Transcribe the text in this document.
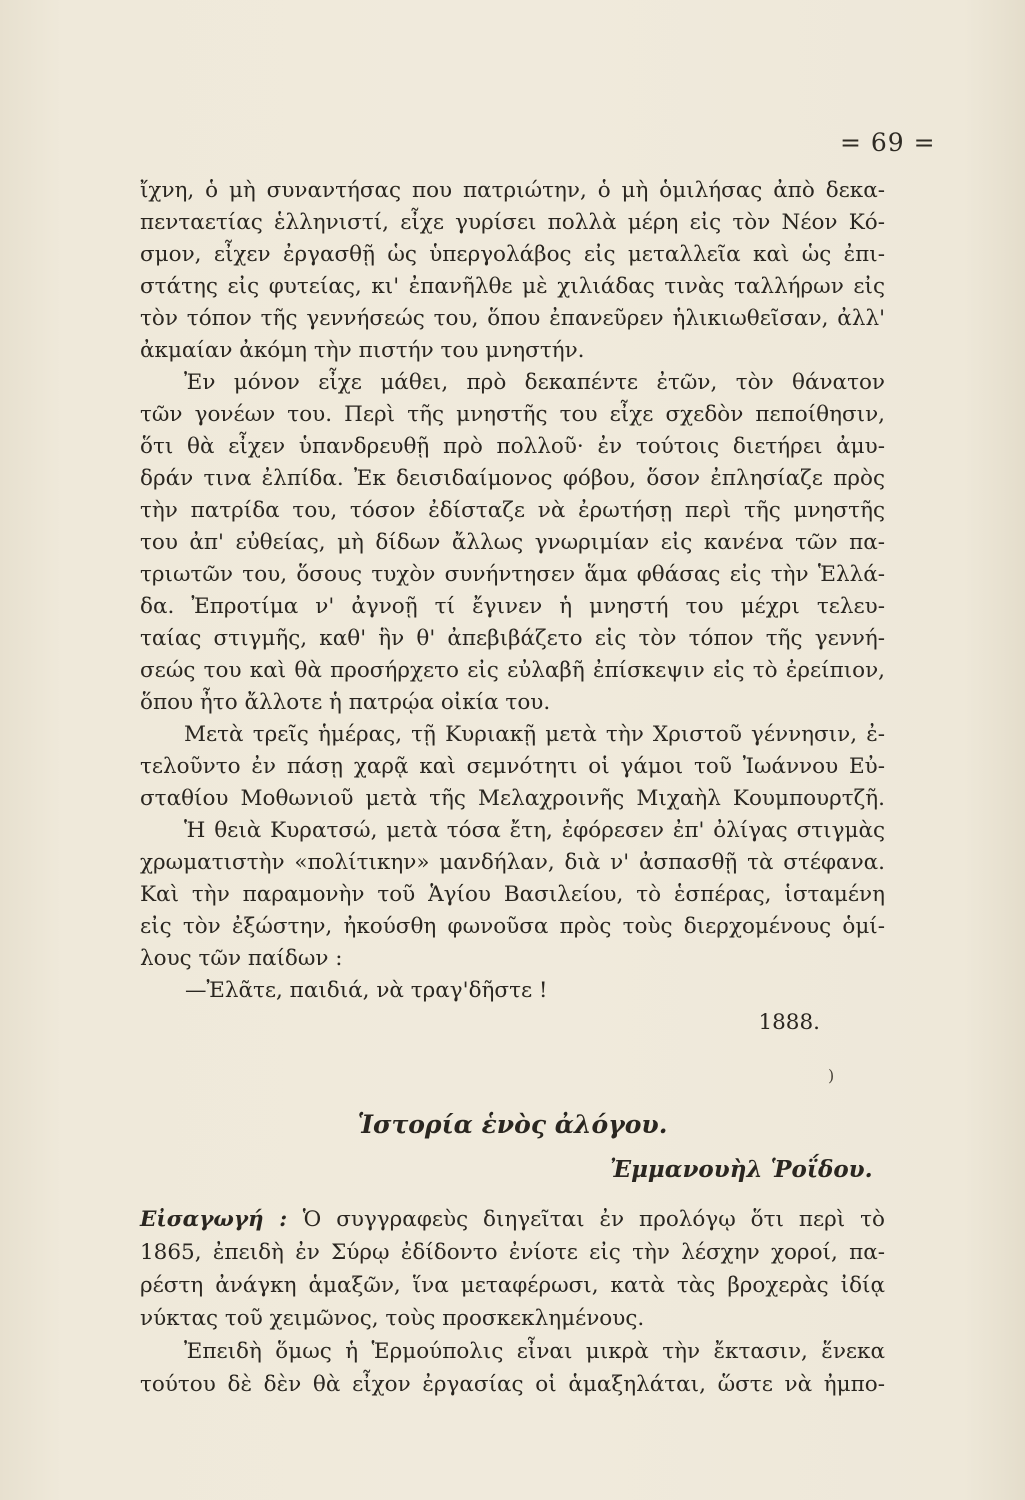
= 69 =
ἴχνη, ὁ μὴ συναντήσας που πατριώτην, ὁ μὴ ὁμιλήσας ἀπὸ δεκα-
πενταετίας ἑλληνιστί, εἶχε γυρίσει πολλὰ μέρη εἰς τὸν Νέον Κό-
σμον, εἶχεν ἐργασθῇ ὡς ὑπεργολάβος εἰς μεταλλεῖα καὶ ὡς ἐπι-
στάτης εἰς φυτείας, κι' ἐπανῆλθε μὲ χιλιάδας τινὰς ταλλήρων εἰς
τὸν τόπον τῆς γεννήσεώς του, ὅπου ἐπανεῦρεν ἡλικιωθεῖσαν, ἀλλ'
ἀκμαίαν ἀκόμη τὴν πιστήν του μνηστήν.
Ἐν μόνον εἶχε μάθει, πρὸ δεκαπέντε ἐτῶν, τὸν θάνατον
τῶν γονέων του. Περὶ τῆς μνηστῆς του εἶχε σχεδὸν πεποίθησιν,
ὅτι θὰ εἶχεν ὑπανδρευθῇ πρὸ πολλοῦ· ἐν τούτοις διετήρει ἀμυ-
δράν τινα ἐλπίδα. Ἐκ δεισιδαίμονος φόβου, ὅσον ἐπλησίαζε πρὸς
τὴν πατρίδα του, τόσον ἐδίσταζε νὰ ἐρωτήσῃ περὶ τῆς μνηστῆς
του ἀπ' εὐθείας, μὴ δίδων ἄλλως γνωριμίαν εἰς κανένα τῶν πα-
τριωτῶν του, ὅσους τυχὸν συνήντησεν ἅμα φθάσας εἰς τὴν Ἑλλά-
δα. Ἐπροτίμα ν' ἀγνοῇ τί ἔγινεν ἡ μνηστή του μέχρι τελευ-
ταίας στιγμῆς, καθ' ἣν θ' ἀπεβιβάζετο εἰς τὸν τόπον τῆς γεννή-
σεώς του καὶ θὰ προσήρχετο εἰς εὐλαβῆ ἐπίσκεψιν εἰς τὸ ἐρείπιον,
ὅπου ἦτο ἄλλοτε ἡ πατρῴα οἰκία του.
Μετὰ τρεῖς ἡμέρας, τῇ Κυριακῇ μετὰ τὴν Χριστοῦ γέννησιν, ἐ-
τελοῦντο ἐν πάσῃ χαρᾷ καὶ σεμνότητι οἱ γάμοι τοῦ Ἰωάννου Εὐ-
σταθίου Μοθωνιοῦ μετὰ τῆς Μελαχροινῆς Μιχαὴλ Κουμπουρτζῆ.
Ἡ θειὰ Κυρατσώ, μετὰ τόσα ἔτη, ἐφόρεσεν ἐπ' ὀλίγας στιγμὰς
χρωματιστὴν «πολίτικην» μανδήλαν, διὰ ν' ἀσπασθῇ τὰ στέφανα.
Καὶ τὴν παραμονὴν τοῦ Ἁγίου Βασιλείου, τὸ ἑσπέρας, ἱσταμένη
εἰς τὸν ἐξώστην, ἠκούσθη φωνοῦσα πρὸς τοὺς διερχομένους ὁμί-
λους τῶν παίδων :
—Ἐλᾶτε, παιδιά, νὰ τραγ'δῆστε !
1888.
)
Ἱστορία ἑνὸς ἀλόγου.
Ἐμμανουὴλ Ῥοΐδου.
Εἰσαγωγή : Ὁ συγγραφεὺς διηγεῖται ἐν προλόγῳ ὅτι περὶ τὸ
1865, ἐπειδὴ ἐν Σύρῳ ἐδίδοντο ἐνίοτε εἰς τὴν λέσχην χοροί, πα-
ρέστη ἀνάγκη ἁμαξῶν, ἵνα μεταφέρωσι, κατὰ τὰς βροχερὰς ἰδίᾳ
νύκτας τοῦ χειμῶνος, τοὺς προσκεκλημένους.
Ἐπειδὴ ὅμως ἡ Ἑρμούπολις εἶναι μικρὰ τὴν ἔκτασιν, ἕνεκα
τούτου δὲ δὲν θὰ εἶχον ἐργασίας οἱ ἁμαξηλάται, ὥστε νὰ ἠμπο-
